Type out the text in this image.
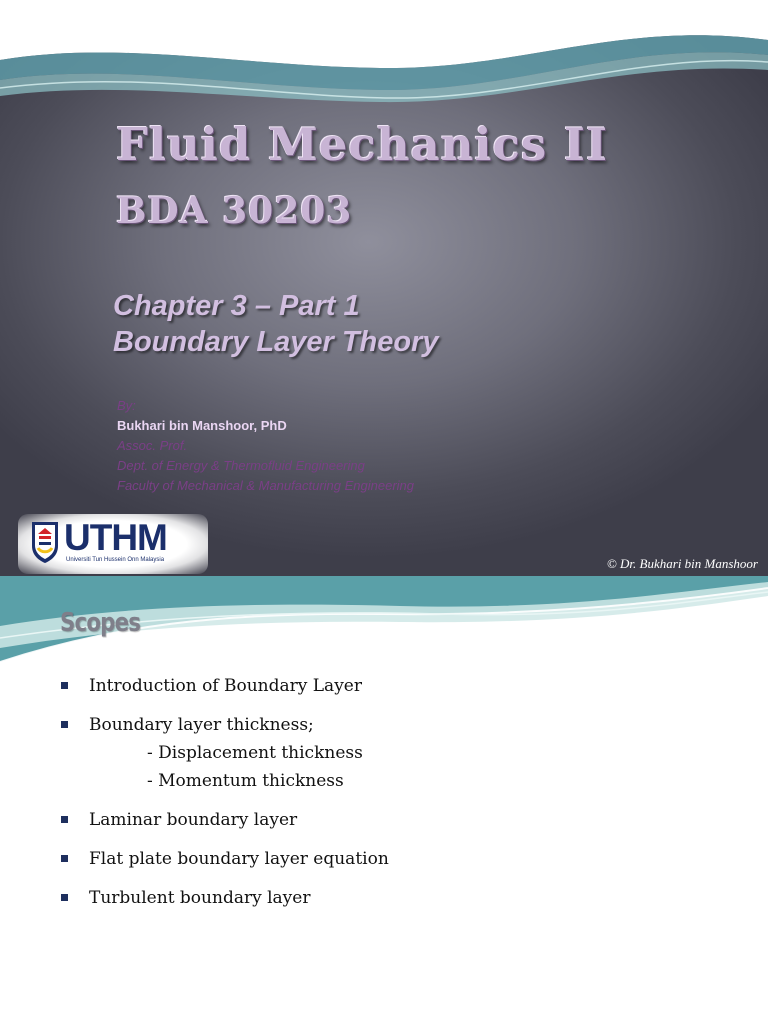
Fluid Mechanics II
BDA 30203
Chapter 3 – Part 1
Boundary Layer Theory
By:
Bukhari bin Manshoor, PhD
Assoc. Prof.
Dept. of Energy & Thermofluid Engineering
Faculty of Mechanical & Manufacturing Engineering
UTHM
Universiti Tun Hussein Onn Malaysia	© Dr. Bukhari bin Manshoor
Scopes
Introduction of Boundary Layer
Boundary layer thickness;
- Displacement thickness
- Momentum thickness
Laminar boundary layer
Flat plate boundary layer equation
Turbulent boundary layer
